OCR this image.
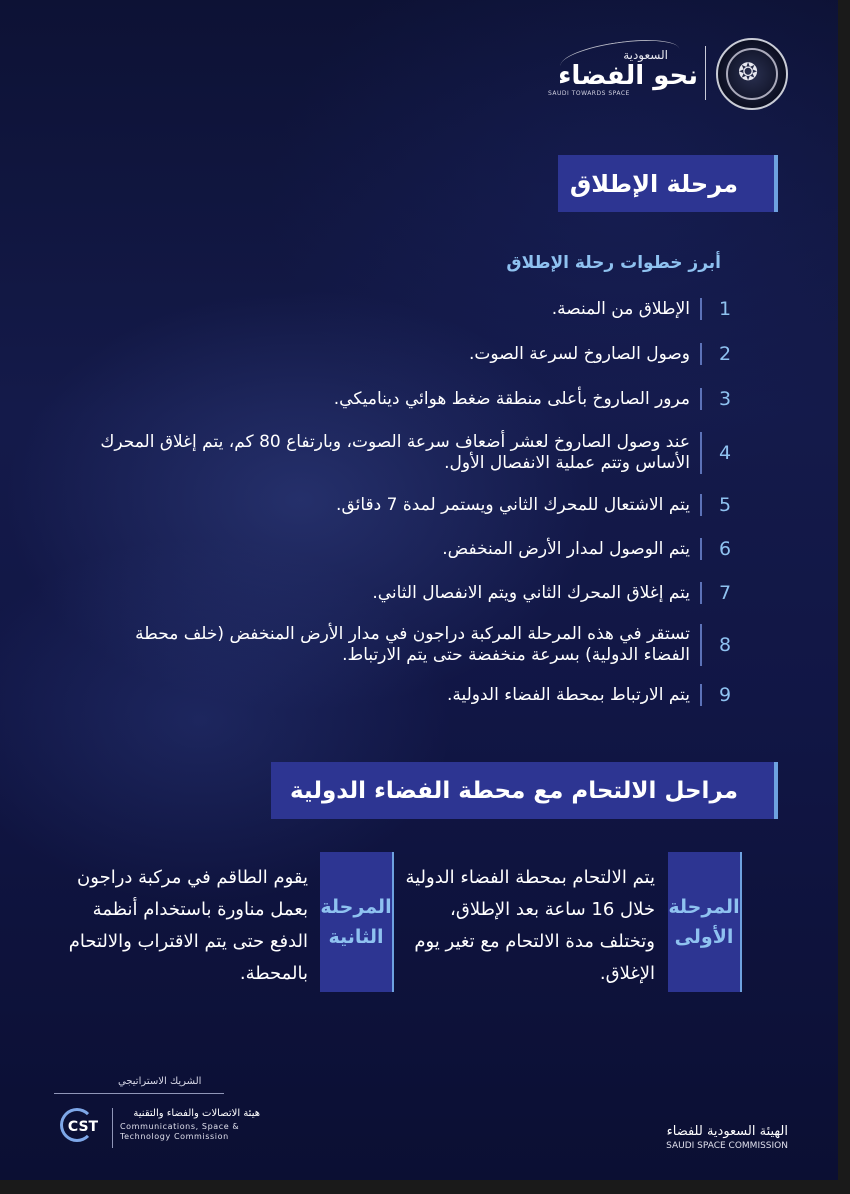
❂
السعودية
نحو الفضاء
SAUDI TOWARDS SPACE
مرحلة الإطلاق
أبرز خطوات رحلة الإطلاق
1
الإطلاق من المنصة.
2
وصول الصاروخ لسرعة الصوت.
3
مرور الصاروخ بأعلى منطقة ضغط هوائي ديناميكي.
4
عند وصول الصاروخ لعشر أضعاف سرعة الصوت، وبارتفاع 80 كم، يتم إغلاق المحرك الأساس وتتم عملية الانفصال الأول.
5
يتم الاشتعال للمحرك الثاني ويستمر لمدة 7 دقائق.
6
يتم الوصول لمدار الأرض المنخفض.
7
يتم إغلاق المحرك الثاني ويتم الانفصال الثاني.
8
تستقر في هذه المرحلة المركبة دراجون في مدار الأرض المنخفض (خلف محطة الفضاء الدولية) بسرعة منخفضة حتى يتم الارتباط.
9
يتم الارتباط بمحطة الفضاء الدولية.
مراحل الالتحام مع محطة الفضاء الدولية
المرحلة
الأولى
يتم الالتحام بمحطة الفضاء الدولية خلال 16 ساعة بعد الإطلاق، وتختلف مدة الالتحام مع تغير يوم الإغلاق.
المرحلة
الثانية
يقوم الطاقم في مركبة دراجون بعمل مناورة باستخدام أنظمة الدفع حتى يتم الاقتراب والالتحام بالمحطة.
الشريك الاستراتيجي
CST
هيئة الاتصالات والفضاء والتقنية
Communications, Space & Technology Commission	الهيئة السعودية للفضاء
SAUDI SPACE COMMISSION
